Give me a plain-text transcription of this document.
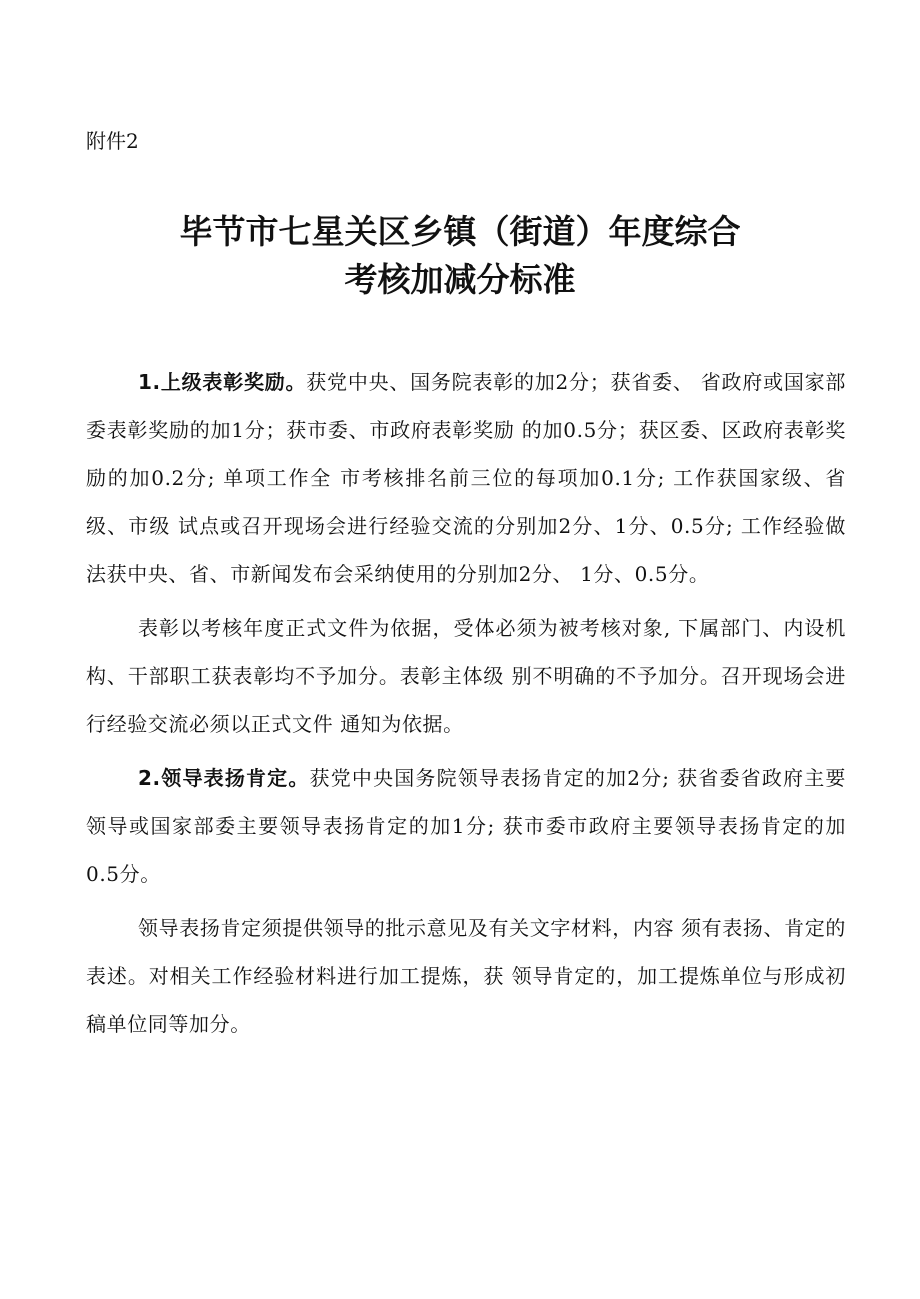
附件2
毕节市七星关区乡镇（街道）年度综合
考核加减分标准

1.上级表彰奖励。获党中央、国务院表彰的加2分；获省委、 省政府或国家部委表彰奖励的加1分；获市委、市政府表彰奖励 的加0.5分；获区委、区政府表彰奖励的加0.2分; 单项工作全 市考核排名前三位的每项加0.1分; 工作获国家级、省级、市级 试点或召开现场会进行经验交流的分别加2分、1分、0.5分; 工作经验做法获中央、省、市新闻发布会采纳使用的分别加2分、 1分、0.5分。

表彰以考核年度正式文件为依据，受体必须为被考核对象, 下属部门、内设机构、干部职工获表彰均不予加分。表彰主体级 别不明确的不予加分。召开现场会进行经验交流必须以正式文件 通知为依据。

2.领导表扬肯定。获党中央国务院领导表扬肯定的加2分; 获省委省政府主要领导或国家部委主要领导表扬肯定的加1分; 获市委市政府主要领导表扬肯定的加0.5分。

领导表扬肯定须提供领导的批示意见及有关文字材料，内容 须有表扬、肯定的表述。对相关工作经验材料进行加工提炼，获 领导肯定的，加工提炼单位与形成初稿单位同等加分。
